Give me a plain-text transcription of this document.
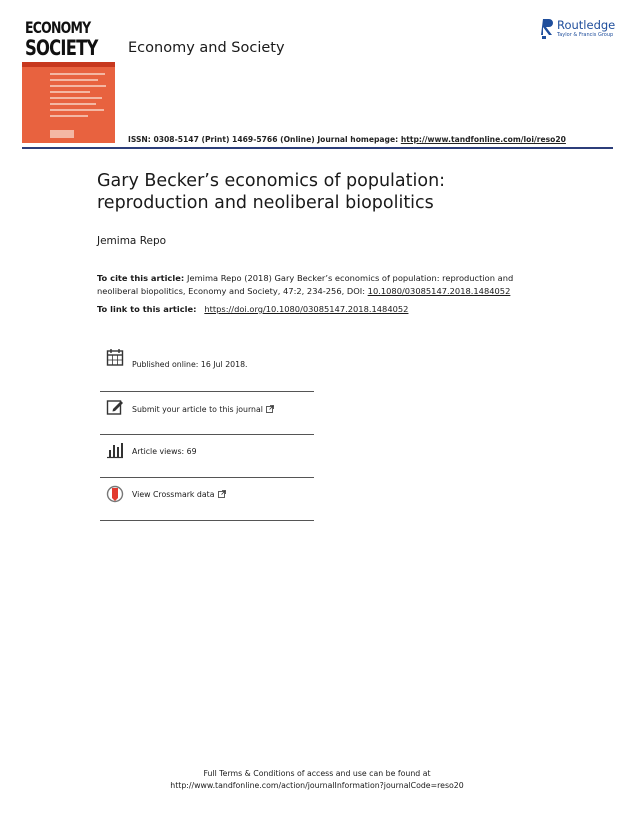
ECONOMY
SOCIETY Economy and Society
Routledge
Taylor & Francis Group
ISSN: 0308-5147 (Print) 1469-5766 (Online) Journal homepage: http://www.tandfonline.com/loi/reso20
Gary Becker’s economics of population: reproduction and neoliberal biopolitics
Jemima Repo
To cite this article: Jemima Repo (2018) Gary Becker’s economics of population: reproduction and neoliberal biopolitics, Economy and Society, 47:2, 234-256, DOI: 10.1080/03085147.2018.1484052
To link to this article: https://doi.org/10.1080/03085147.2018.1484052
Published online: 16 Jul 2018.
Submit your article to this journal
Article views: 69
View Crossmark data
Full Terms & Conditions of access and use can be found at
http://www.tandfonline.com/action/journalInformation?journalCode=reso20
